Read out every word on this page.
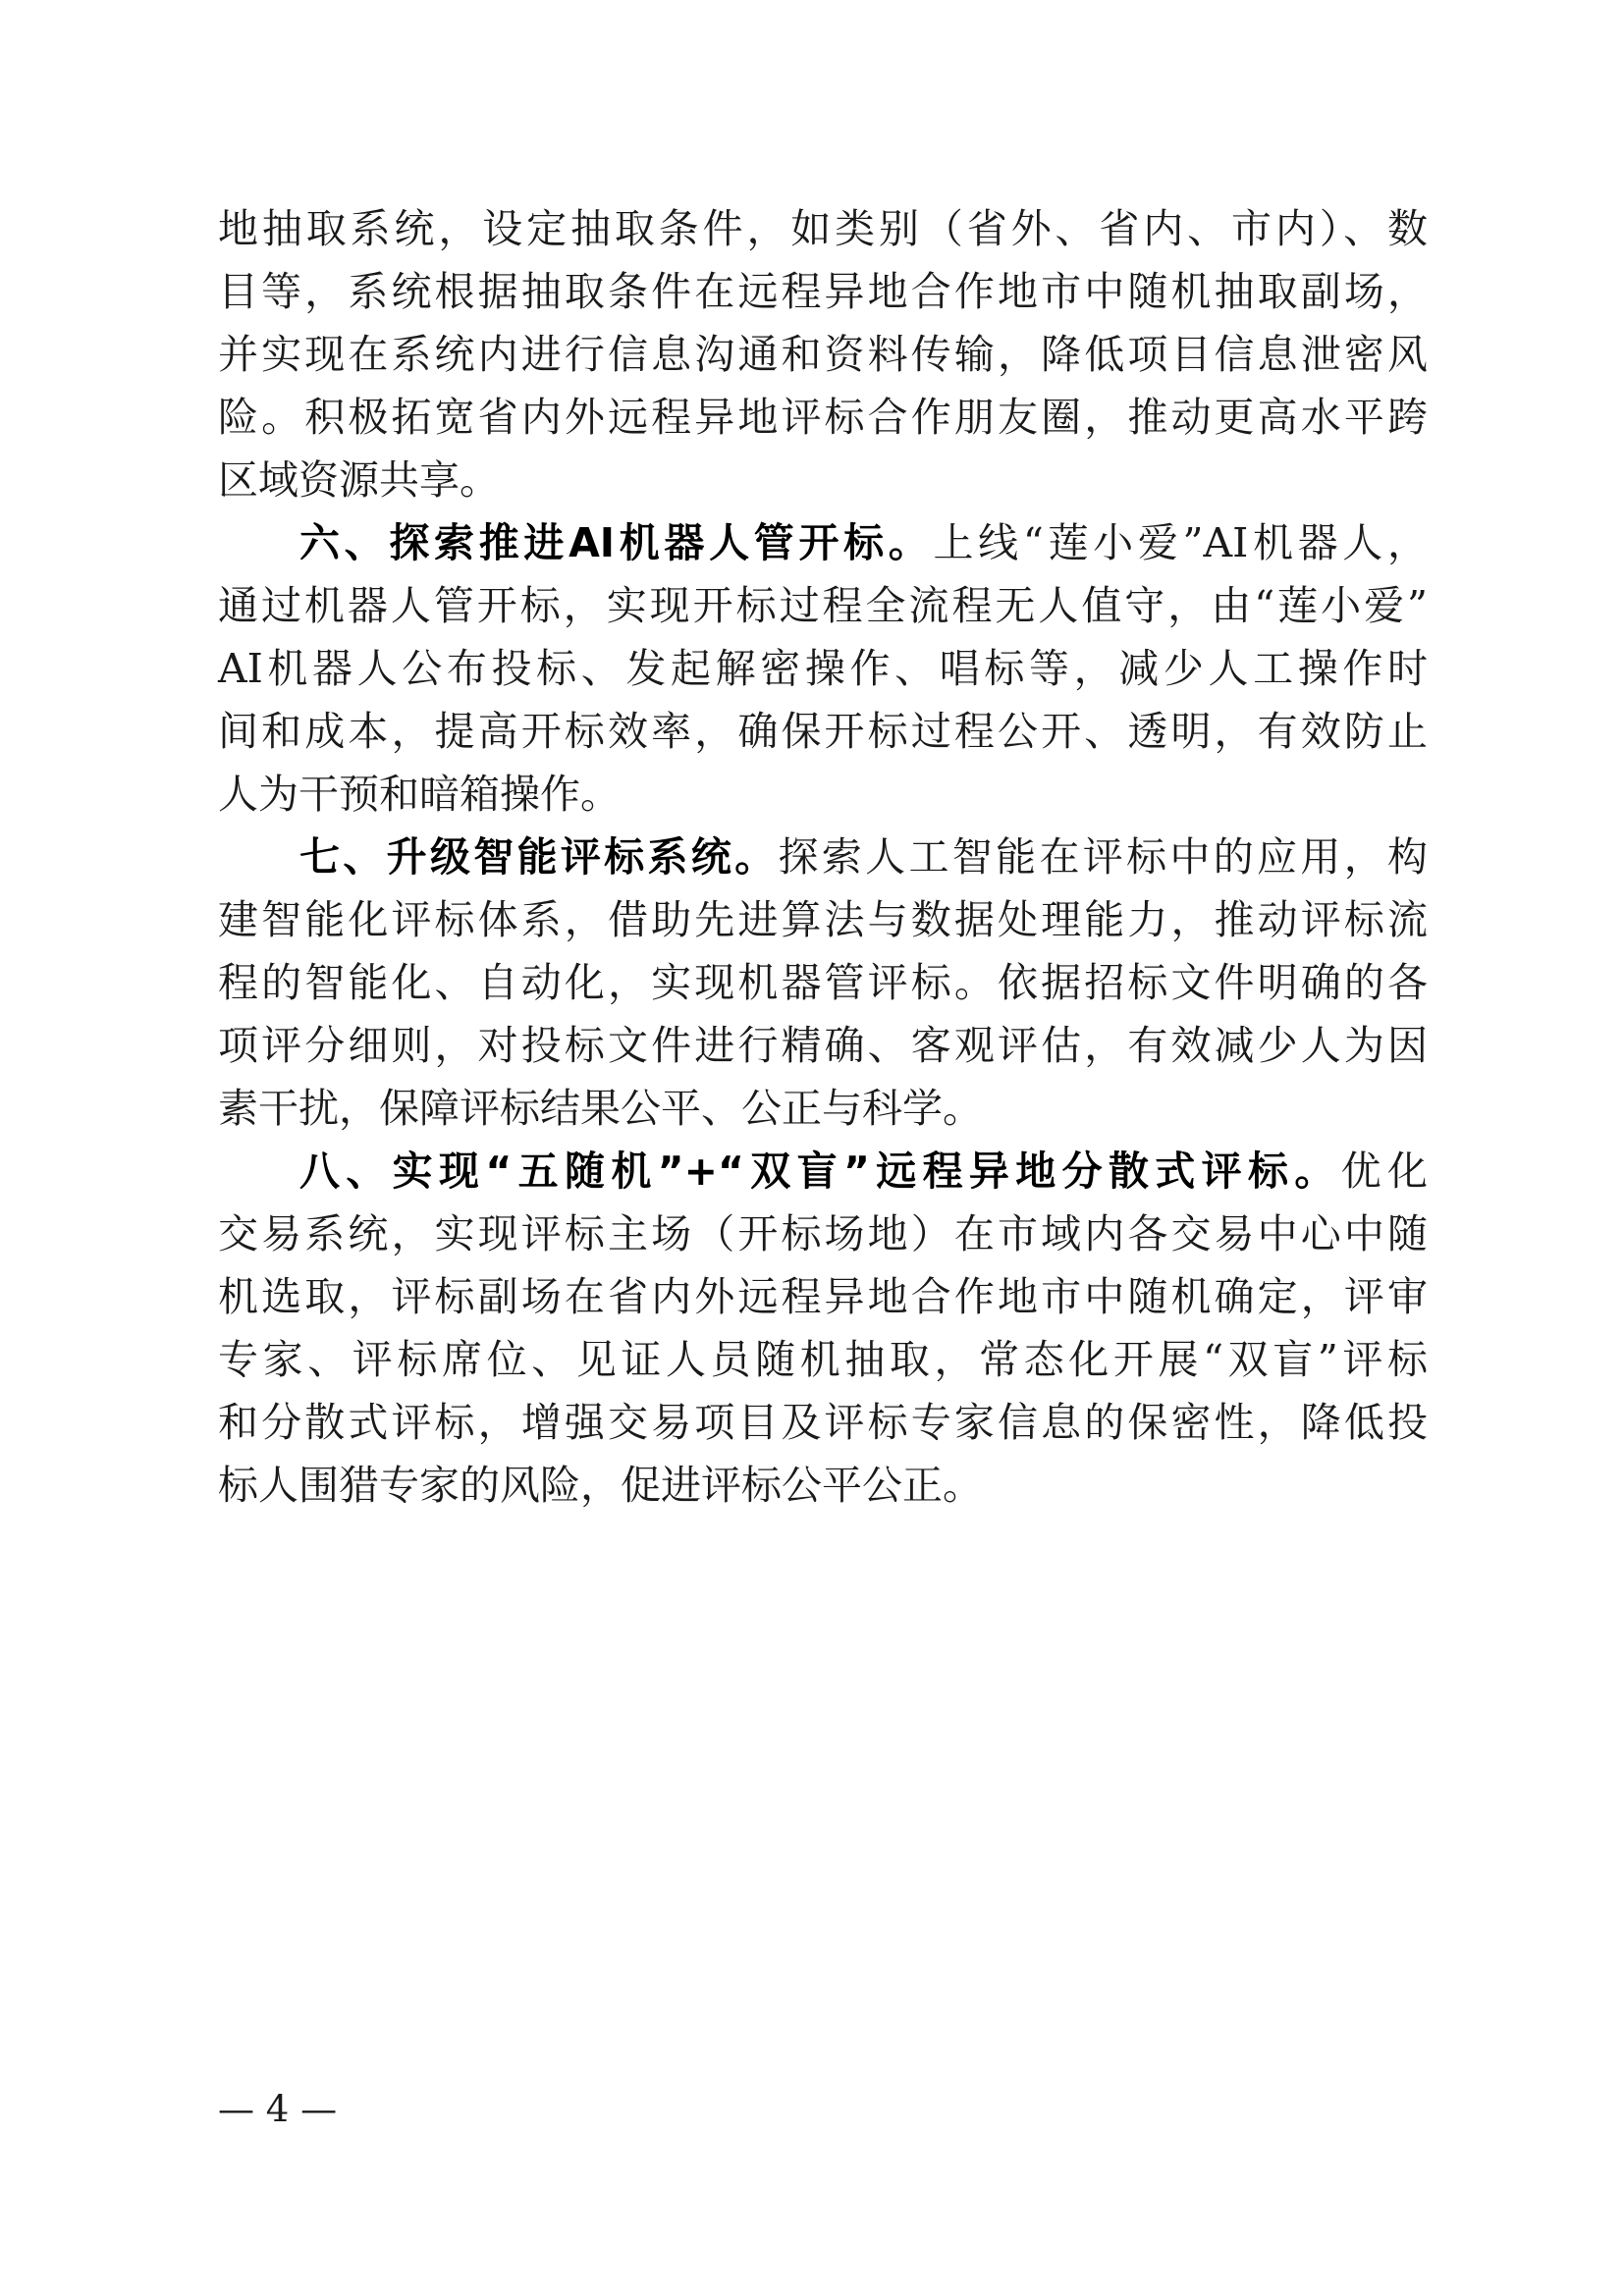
地抽取系统，设定抽取条件，如类别（省外、省内、市内）、数
目等，系统根据抽取条件在远程异地合作地市中随机抽取副场，
并实现在系统内进行信息沟通和资料传输，降低项目信息泄密风
险。积极拓宽省内外远程异地评标合作朋友圈，推动更高水平跨
区域资源共享。
六、探索推进AI机器人管开标。上线“莲小爱”AI机器人，
通过机器人管开标，实现开标过程全流程无人值守，由“莲小爱”
AI机器人公布投标、发起解密操作、唱标等，减少人工操作时
间和成本，提高开标效率，确保开标过程公开、透明，有效防止
人为干预和暗箱操作。
七、升级智能评标系统。探索人工智能在评标中的应用，构
建智能化评标体系，借助先进算法与数据处理能力，推动评标流
程的智能化、自动化，实现机器管评标。依据招标文件明确的各
项评分细则，对投标文件进行精确、客观评估，有效减少人为因
素干扰，保障评标结果公平、公正与科学。
八、实现“五随机”+“双盲”远程异地分散式评标。优化
交易系统，实现评标主场（开标场地）在市域内各交易中心中随
机选取，评标副场在省内外远程异地合作地市中随机确定，评审
专家、评标席位、见证人员随机抽取，常态化开展“双盲”评标
和分散式评标，增强交易项目及评标专家信息的保密性，降低投
标人围猎专家的风险，促进评标公平公正。
— 4 —
